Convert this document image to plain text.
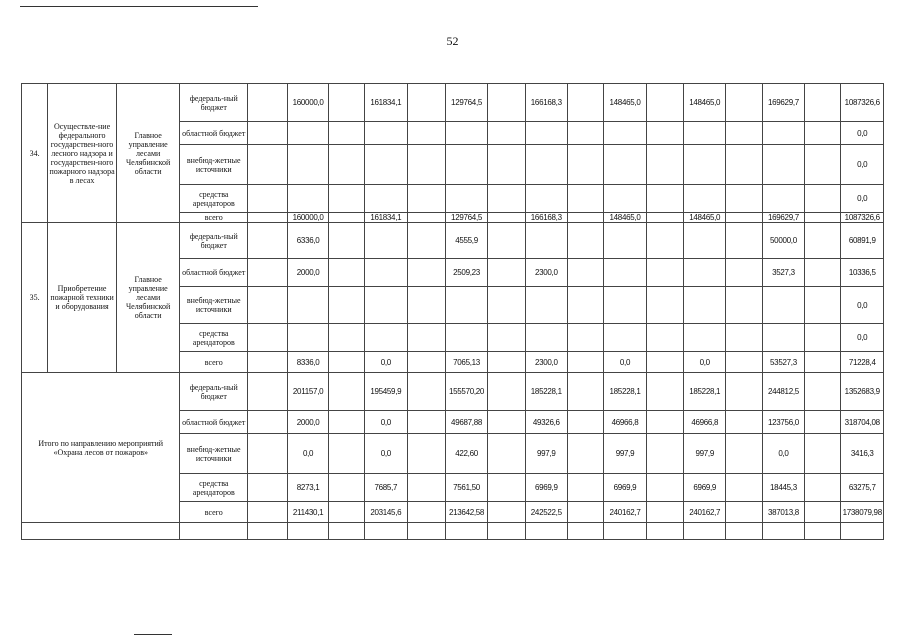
52
34.	Осуществле-ние федерального государствен-ного лесного надзора и государствен-ного пожарного надзора в лесах	Главное управление лесами Челябинской области	федераль-ный бюджет		160000,0		161834,1		129764,5		166168,3		148465,0		148465,0		169629,7		1087326,6
			областной бюджет																0,0
			внебюд-жетные источники																0,0
			средства арендаторов																0,0
			всего		160000,0		161834,1		129764,5		166168,3		148465,0		148465,0		169629,7		1087326,6
35.	Приобретение пожарной техники и оборудования	Главное управление лесами Челябинской области	федераль-ный бюджет		6336,0				4555,9								50000,0		60891,9
			областной бюджет		2000,0				2509,23		2300,0						3527,3		10336,5
			внебюд-жетные источники																0,0
			средства арендаторов																0,0
			всего		8336,0		0,0		7065,13		2300,0		0,0		0,0		53527,3		71228,4
Итого по направлению мероприятий «Охрана лесов от пожаров»			федераль-ный бюджет		201157,0		195459,9		155570,20		185228,1		185228,1		185228,1		244812,5		1352683,9
			областной бюджет		2000,0		0,0		49687,88		49326,6		46966,8		46966,8		123756,0		318704,08
			внебюд-жетные источники		0,0		0,0		422,60		997,9		997,9		997,9		0,0		3416,3
			средства арендаторов		8273,1		7685,7		7561,50		6969,9		6969,9		6969,9		18445,3		63275,7
			всего		211430,1		203145,6		213642,58		242522,5		240162,7		240162,7		387013,8		1738079,98
